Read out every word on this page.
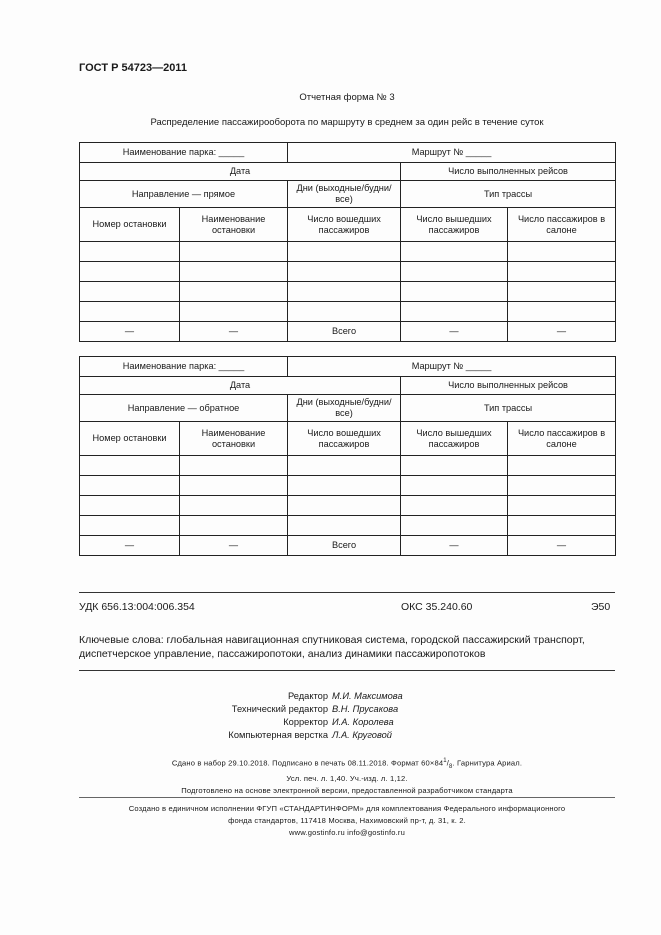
ГОСТ Р 54723—2011
Отчетная форма № 3
Распределение пассажирооборота по маршруту в среднем за один рейс в течение суток
Наименование парка: _____		Маршрут № _____		
Дата			Число выполненных рейсов	
Направление — прямое		Дни (выходные/будни/все)	Тип трассы	
Номер остановки	Наименование остановки	Число вошедших пассажиров	Число вышедших пассажиров	Число пассажиров в салоне

—	—	Всего	—	—
Наименование парка: _____		Маршрут № _____		
Дата			Число выполненных рейсов	
Направление — обратное		Дни (выходные/будни/все)	Тип трассы	
Номер остановки	Наименование остановки	Число вошедших пассажиров	Число вышедших пассажиров	Число пассажиров в салоне

—	—	Всего	—	—
УДК 656.13:004:006.354	ОКС 35.240.60	Э50
Ключевые слова: глобальная навигационная спутниковая система, городской пассажирский транспорт, диспетчерское управление, пассажиропотоки, анализ динамики пассажиропотоков
Редактор М.И. Максимова
Технический редактор В.Н. Прусакова
Корректор И.А. Королева
Компьютерная верстка Л.А. Круговой
Сдано в набор 29.10.2018. Подписано в печать 08.11.2018. Формат $60\times 84^1/_8$. Гарнитура Ариал.
Усл. печ. л. 1,40. Уч.-изд. л. 1,12.
Подготовлено на основе электронной версии, предоставленной разработчиком стандарта
Создано в единичном исполнении ФГУП «СТАНДАРТИНФОРМ» для комплектования Федерального информационного
фонда стандартов, 117418 Москва, Нахимовский пр-т, д. 31, к. 2.
www.gostinfo.ru info@gostinfo.ru
